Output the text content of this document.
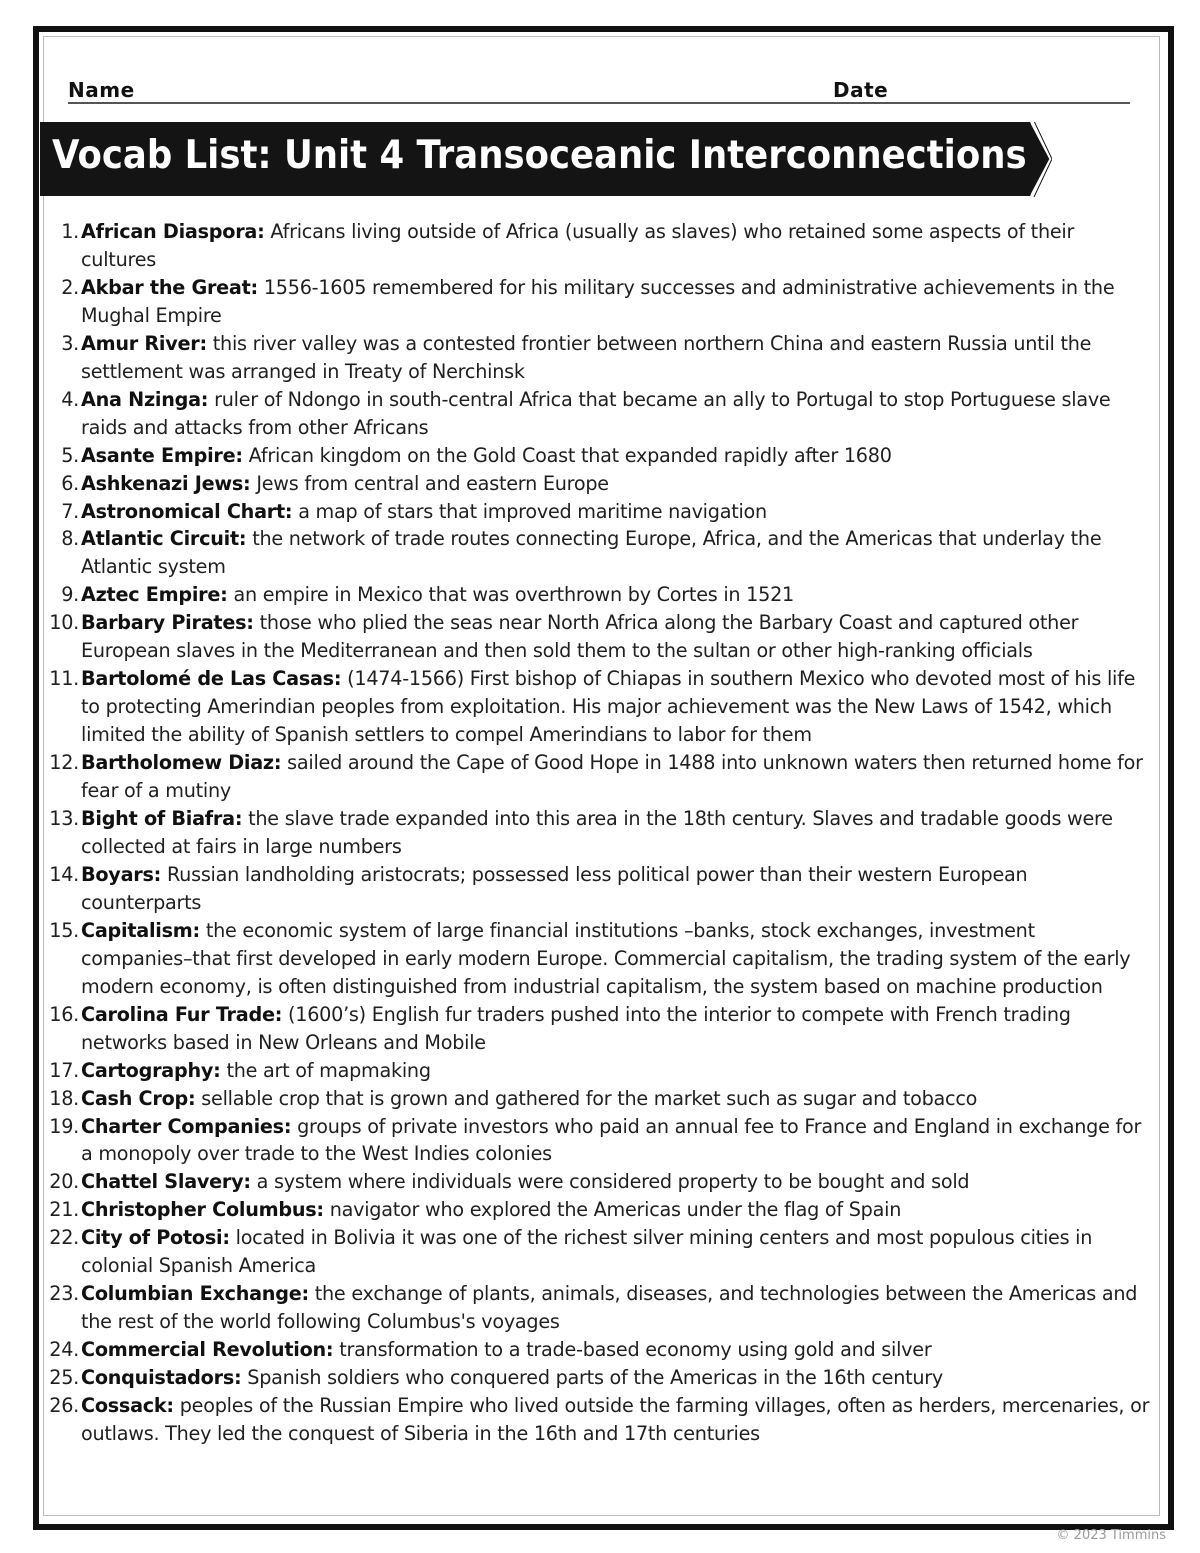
Name	Date
Vocab List: Unit 4 Transoceanic Interconnections
1. African Diaspora: Africans living outside of Africa (usually as slaves) who retained some aspects of their cultures
2. Akbar the Great: 1556-1605 remembered for his military successes and administrative achievements in the Mughal Empire
3. Amur River: this river valley was a contested frontier between northern China and eastern Russia until the settlement was arranged in Treaty of Nerchinsk
4. Ana Nzinga: ruler of Ndongo in south-central Africa that became an ally to Portugal to stop Portuguese slave raids and attacks from other Africans
5. Asante Empire: African kingdom on the Gold Coast that expanded rapidly after 1680
6. Ashkenazi Jews: Jews from central and eastern Europe
7. Astronomical Chart: a map of stars that improved maritime navigation
8. Atlantic Circuit: the network of trade routes connecting Europe, Africa, and the Americas that underlay the Atlantic system
9. Aztec Empire: an empire in Mexico that was overthrown by Cortes in 1521
10. Barbary Pirates: those who plied the seas near North Africa along the Barbary Coast and captured other European slaves in the Mediterranean and then sold them to the sultan or other high-ranking officials
11. Bartolomé de Las Casas: (1474-1566) First bishop of Chiapas in southern Mexico who devoted most of his life to protecting Amerindian peoples from exploitation. His major achievement was the New Laws of 1542, which limited the ability of Spanish settlers to compel Amerindians to labor for them
12. Bartholomew Diaz: sailed around the Cape of Good Hope in 1488 into unknown waters then returned home for fear of a mutiny
13. Bight of Biafra: the slave trade expanded into this area in the 18th century. Slaves and tradable goods were collected at fairs in large numbers
14. Boyars: Russian landholding aristocrats; possessed less political power than their western European counterparts
15. Capitalism: the economic system of large financial institutions –banks, stock exchanges, investment companies–that first developed in early modern Europe. Commercial capitalism, the trading system of the early modern economy, is often distinguished from industrial capitalism, the system based on machine production
16. Carolina Fur Trade: (1600’s) English fur traders pushed into the interior to compete with French trading networks based in New Orleans and Mobile
17. Cartography: the art of mapmaking
18. Cash Crop: sellable crop that is grown and gathered for the market such as sugar and tobacco
19. Charter Companies: groups of private investors who paid an annual fee to France and England in exchange for a monopoly over trade to the West Indies colonies
20. Chattel Slavery: a system where individuals were considered property to be bought and sold
21. Christopher Columbus: navigator who explored the Americas under the flag of Spain
22. City of Potosi: located in Bolivia it was one of the richest silver mining centers and most populous cities in colonial Spanish America
23. Columbian Exchange: the exchange of plants, animals, diseases, and technologies between the Americas and the rest of the world following Columbus's voyages
24. Commercial Revolution: transformation to a trade-based economy using gold and silver
25. Conquistadors: Spanish soldiers who conquered parts of the Americas in the 16th century
26. Cossack: peoples of the Russian Empire who lived outside the farming villages, often as herders, mercenaries, or outlaws. They led the conquest of Siberia in the 16th and 17th centuries
© 2023 Timmins
